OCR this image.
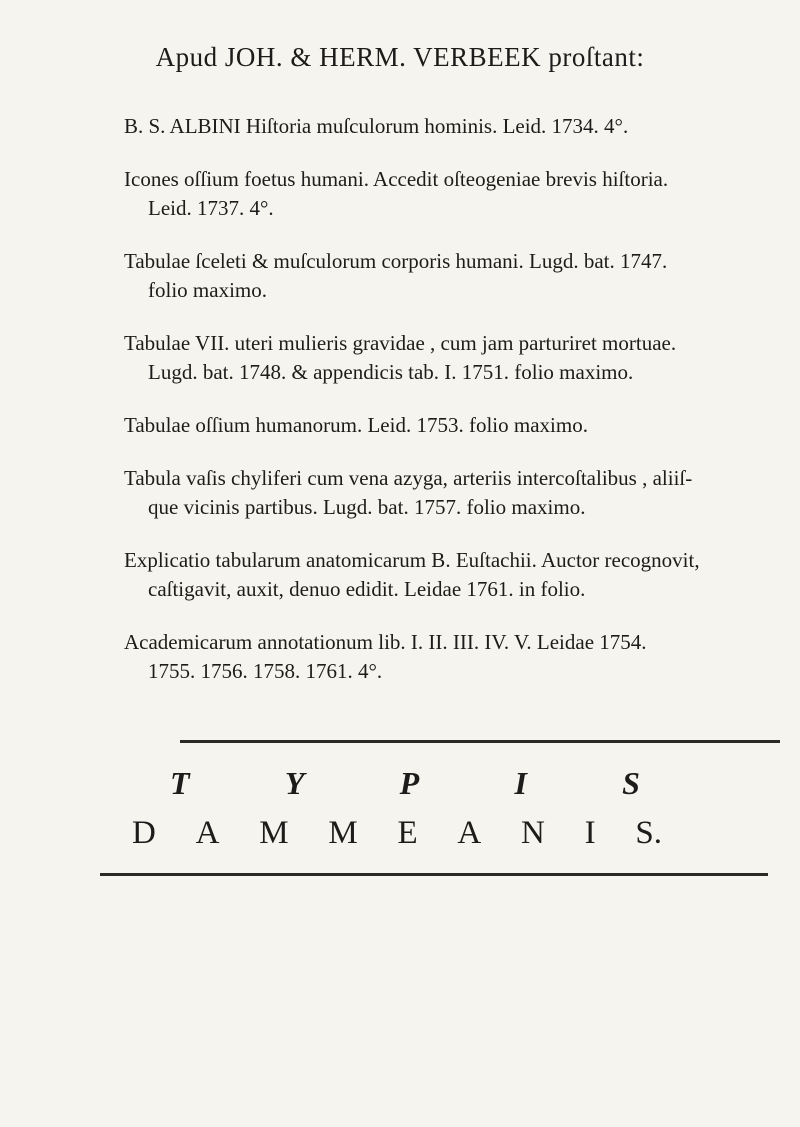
Apud JOH. & HERM. VERBEEK proſtant:
B. S. ALBINI Hiſtoria muſculorum hominis. Leid. 1734. 4°.
Icones oſſium foetus humani. Accedit oſteogeniae brevis hiſtoria.
Leid. 1737. 4°.
Tabulae ſceleti & muſculorum corporis humani. Lugd. bat. 1747.
folio maximo.
Tabulae VII. uteri mulieris gravidae , cum jam parturiret mortuae.
Lugd. bat. 1748. & appendicis tab. I. 1751. folio maximo.
Tabulae oſſium humanorum. Leid. 1753. folio maximo.
Tabula vaſis chyliferi cum vena azyga, arteriis intercoſtalibus , aliiſ-
que vicinis partibus. Lugd. bat. 1757. folio maximo.
Explicatio tabularum anatomicarum B. Euſtachii. Auctor recognovit,
caſtigavit, auxit, denuo edidit. Leidae 1761. in folio.
Academicarum annotationum lib. I. II. III. IV. V. Leidae 1754.
1755. 1756. 1758. 1761. 4°.
T	Y	P	I	S
D A M M E A N I S.
